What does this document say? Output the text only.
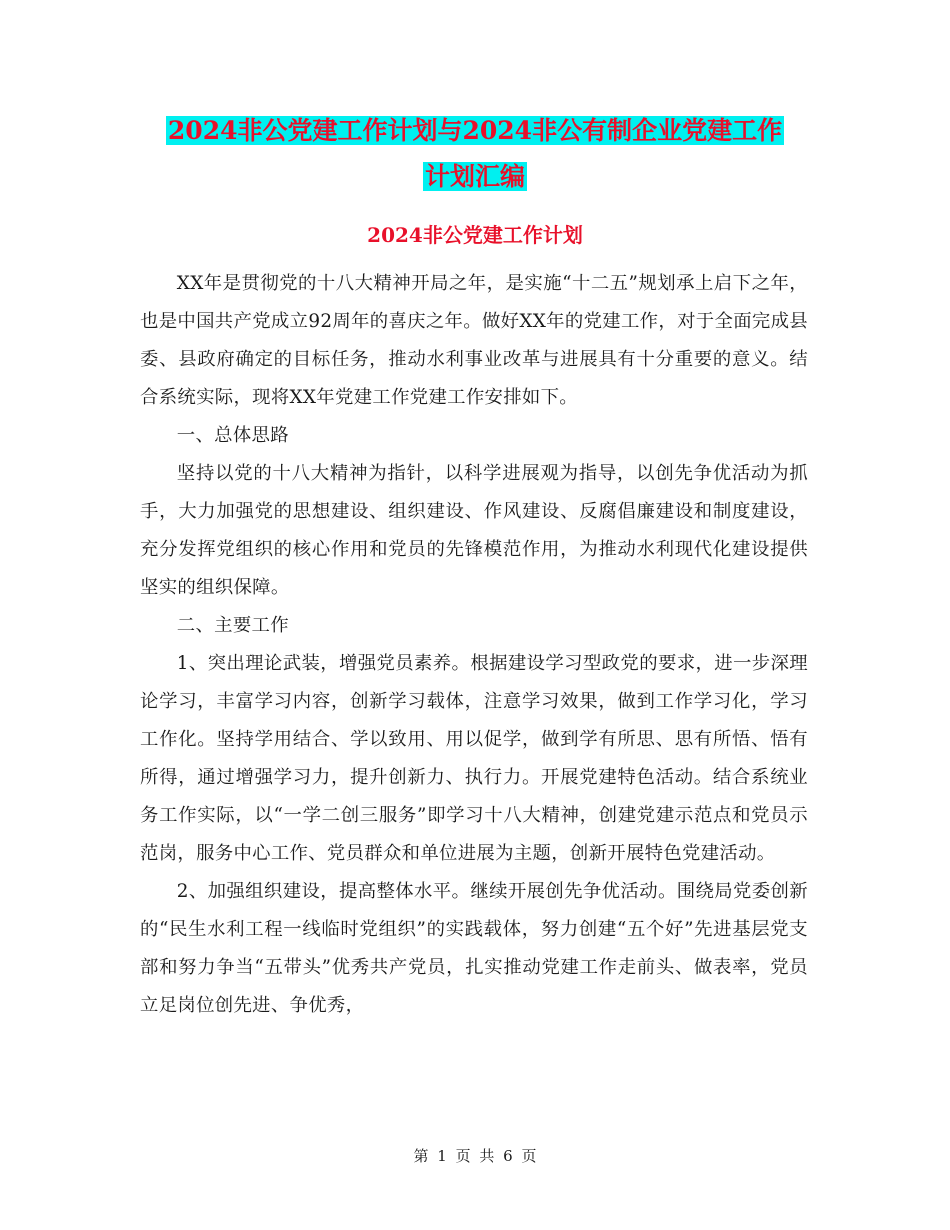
2024非公党建工作计划与2024非公有制企业党建工作
计划汇编
2024非公党建工作计划

XX年是贯彻党的十八大精神开局之年，是实施“十二五”规划承上启下之年，也是中国共产党成立92周年的喜庆之年。做好XX年的党建工作，对于全面完成县委、县政府确定的目标任务，推动水利事业改革与进展具有十分重要的意义。结合系统实际，现将XX年党建工作党建工作安排如下。

一、总体思路

坚持以党的十八大精神为指针，以科学进展观为指导，以创先争优活动为抓手，大力加强党的思想建设、组织建设、作风建设、反腐倡廉建设和制度建设，充分发挥党组织的核心作用和党员的先锋模范作用，为推动水利现代化建设提供坚实的组织保障。

二、主要工作

1、突出理论武装，增强党员素养。根据建设学习型政党的要求，进一步深理论学习，丰富学习内容，创新学习载体，注意学习效果，做到工作学习化，学习工作化。坚持学用结合、学以致用、用以促学，做到学有所思、思有所悟、悟有所得，通过增强学习力，提升创新力、执行力。开展党建特色活动。结合系统业务工作实际，以“一学二创三服务”即学习十八大精神，创建党建示范点和党员示范岗，服务中心工作、党员群众和单位进展为主题，创新开展特色党建活动。

2、加强组织建设，提高整体水平。继续开展创先争优活动。围绕局党委创新的“民生水利工程一线临时党组织”的实践载体，努力创建“五个好”先进基层党支部和努力争当“五带头”优秀共产党员，扎实推动党建工作走前头、做表率，党员立足岗位创先进、争优秀，

第 1 页 共 6 页
